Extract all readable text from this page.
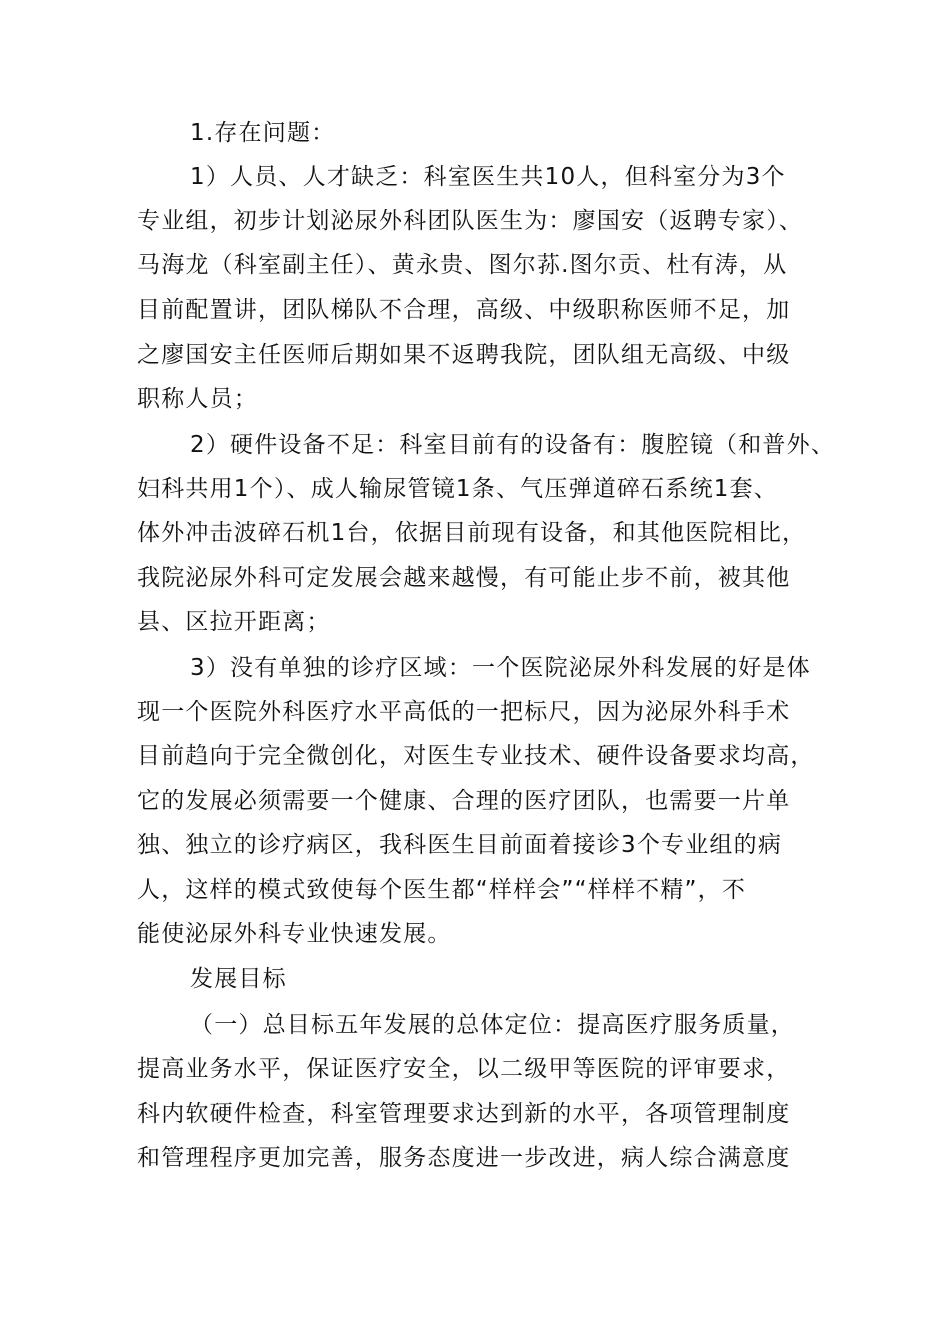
1.存在问题：
1）人员、人才缺乏：科室医生共10人，但科室分为3个
专业组，初步计划泌尿外科团队医生为：廖国安（返聘专家）、
马海龙（科室副主任）、黄永贵、图尔荪.图尔贡、杜有涛，从
目前配置讲，团队梯队不合理，高级、中级职称医师不足，加
之廖国安主任医师后期如果不返聘我院，团队组无高级、中级
职称人员；
2）硬件设备不足：科室目前有的设备有：腹腔镜（和普外、
妇科共用1个）、成人输尿管镜1条、气压弹道碎石系统1套、
体外冲击波碎石机1台，依据目前现有设备，和其他医院相比，
我院泌尿外科可定发展会越来越慢，有可能止步不前，被其他
县、区拉开距离；
3）没有单独的诊疗区域：一个医院泌尿外科发展的好是体
现一个医院外科医疗水平高低的一把标尺，因为泌尿外科手术
目前趋向于完全微创化，对医生专业技术、硬件设备要求均高，
它的发展必须需要一个健康、合理的医疗团队，也需要一片单
独、独立的诊疗病区，我科医生目前面着接诊3个专业组的病
人，这样的模式致使每个医生都“样样会”“样样不精”，不
能使泌尿外科专业快速发展。
发展目标
（一）总目标五年发展的总体定位：提高医疗服务质量，
提高业务水平，保证医疗安全，以二级甲等医院的评审要求，
科内软硬件检查，科室管理要求达到新的水平，各项管理制度
和管理程序更加完善，服务态度进一步改进，病人综合满意度
